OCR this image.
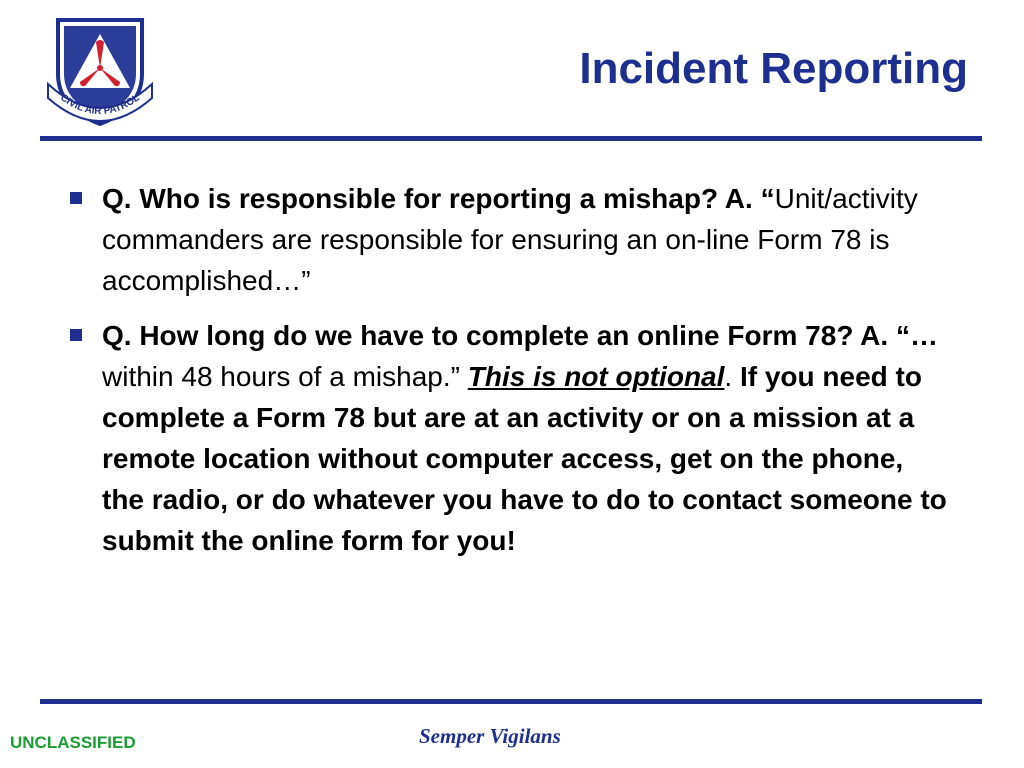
CIVIL AIR PATROL
Incident Reporting
Q. Who is responsible for reporting a mishap? A. “Unit/activity commanders are responsible for ensuring an on-line Form 78 is accomplished…”
Q. How long do we have to complete an online Form 78? A. “…within 48 hours of a mishap.” This is not optional. If you need to complete a Form 78 but are at an activity or on a mission at a remote location without computer access, get on the phone, the radio, or do whatever you have to do to contact someone to submit the online form for you!
Semper Vigilans
UNCLASSIFIED
